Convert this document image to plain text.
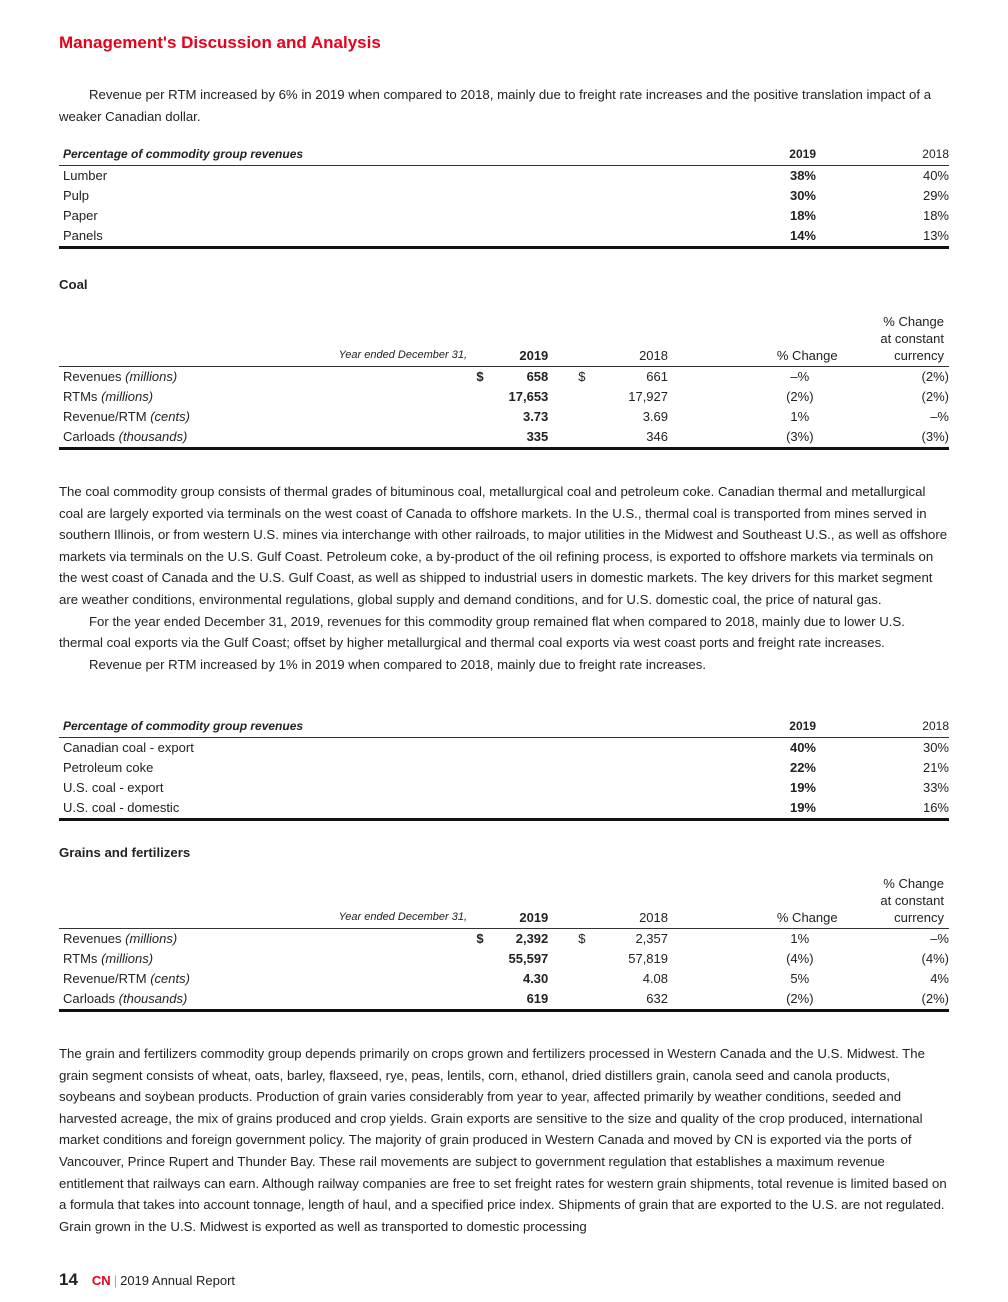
Management's Discussion and Analysis

Revenue per RTM increased by 6% in 2019 when compared to 2018, mainly due to freight rate increases and the positive translation impact of a weaker Canadian dollar.

Percentage of commodity group revenues	2019	2018
Lumber	38%	40%
Pulp	30%	29%
Paper	18%	18%
Panels	14%	13%
Coal
	Year ended December 31,		2019		2018	% Change	% Change
at constant
currency

Revenues (millions)		$	658	$	661	–%	(2%)
RTMs (millions)			17,653		17,927	(2%)	(2%)
Revenue/RTM (cents)			3.73		3.69	1%	–%
Carloads (thousands)			335		346	(3%)	(3%)

The coal commodity group consists of thermal grades of bituminous coal, metallurgical coal and petroleum coke. Canadian thermal and metallurgical coal are largely exported via terminals on the west coast of Canada to offshore markets. In the U.S., thermal coal is transported from mines served in southern Illinois, or from western U.S. mines via interchange with other railroads, to major utilities in the Midwest and Southeast U.S., as well as offshore markets via terminals on the U.S. Gulf Coast. Petroleum coke, a by-product of the oil refining process, is exported to offshore markets via terminals on the west coast of Canada and the U.S. Gulf Coast, as well as shipped to industrial users in domestic markets. The key drivers for this market segment are weather conditions, environmental regulations, global supply and demand conditions, and for U.S. domestic coal, the price of natural gas.

For the year ended December 31, 2019, revenues for this commodity group remained flat when compared to 2018, mainly due to lower U.S. thermal coal exports via the Gulf Coast; offset by higher metallurgical and thermal coal exports via west coast ports and freight rate increases.

Revenue per RTM increased by 1% in 2019 when compared to 2018, mainly due to freight rate increases.

Percentage of commodity group revenues	2019	2018
Canadian coal - export	40%	30%
Petroleum coke	22%	21%
U.S. coal - export	19%	33%
U.S. coal - domestic	19%	16%
Grains and fertilizers
	Year ended December 31,		2019		2018	% Change	% Change
at constant
currency

Revenues (millions)		$	2,392	$	2,357	1%	–%
RTMs (millions)			55,597		57,819	(4%)	(4%)
Revenue/RTM (cents)			4.30		4.08	5%	4%
Carloads (thousands)			619		632	(2%)	(2%)

The grain and fertilizers commodity group depends primarily on crops grown and fertilizers processed in Western Canada and the U.S. Midwest. The grain segment consists of wheat, oats, barley, flaxseed, rye, peas, lentils, corn, ethanol, dried distillers grain, canola seed and canola products, soybeans and soybean products. Production of grain varies considerably from year to year, affected primarily by weather conditions, seeded and harvested acreage, the mix of grains produced and crop yields. Grain exports are sensitive to the size and quality of the crop produced, international market conditions and foreign government policy. The majority of grain produced in Western Canada and moved by CN is exported via the ports of Vancouver, Prince Rupert and Thunder Bay. These rail movements are subject to government regulation that establishes a maximum revenue entitlement that railways can earn. Although railway companies are free to set freight rates for western grain shipments, total revenue is limited based on a formula that takes into account tonnage, length of haul, and a specified price index. Shipments of grain that are exported to the U.S. are not regulated. Grain grown in the U.S. Midwest is exported as well as transported to domestic processing

14 CN | 2019 Annual Report
